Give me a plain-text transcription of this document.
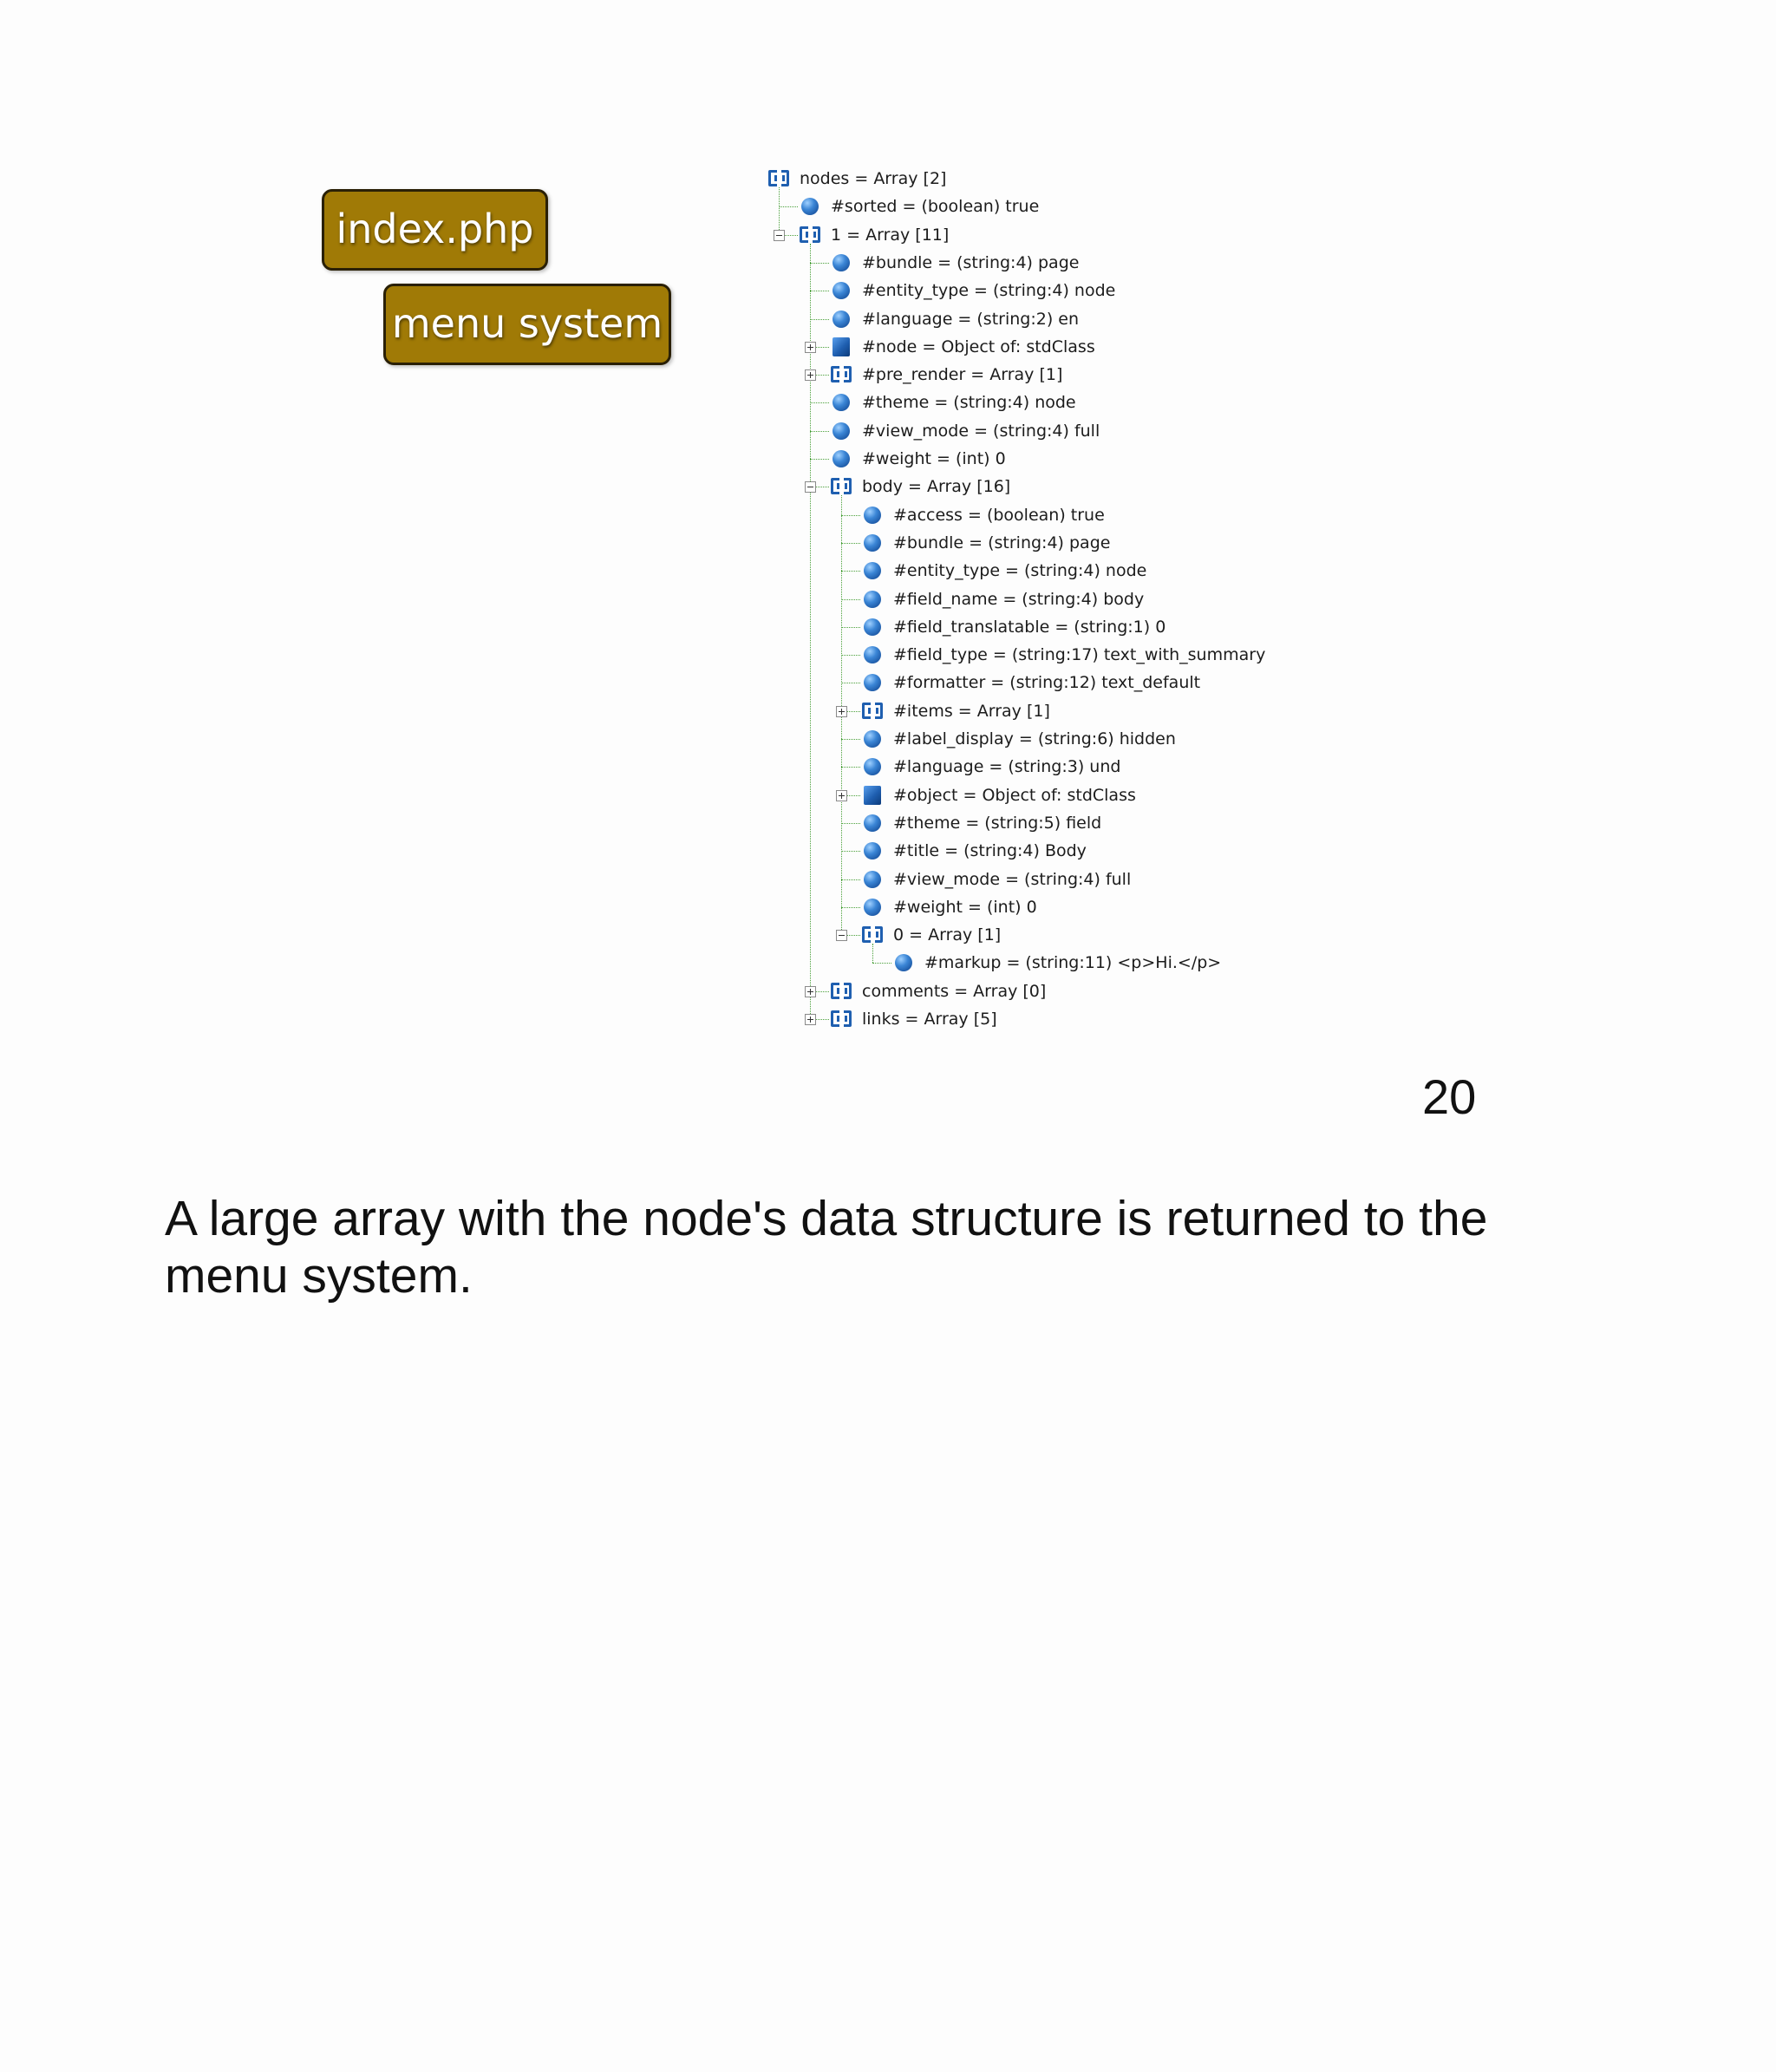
index.php
menu system
nodes = Array [2]
#sorted = (boolean) true
1 = Array [11]
#bundle = (string:4) page
#entity_type = (string:4) node
#language = (string:2) en
#node = Object of: stdClass
#pre_render = Array [1]
#theme = (string:4) node
#view_mode = (string:4) full
#weight = (int) 0
body = Array [16]
#access = (boolean) true
#bundle = (string:4) page
#entity_type = (string:4) node
#field_name = (string:4) body
#field_translatable = (string:1) 0
#field_type = (string:17) text_with_summary
#formatter = (string:12) text_default
#items = Array [1]
#label_display = (string:6) hidden
#language = (string:3) und
#object = Object of: stdClass
#theme = (string:5) field
#title = (string:4) Body
#view_mode = (string:4) full
#weight = (int) 0
0 = Array [1]
#markup = (string:11) <p>Hi.</p>
comments = Array [0]
links = Array [5]
20
A large array with the node's data structure is returned to the menu system.
